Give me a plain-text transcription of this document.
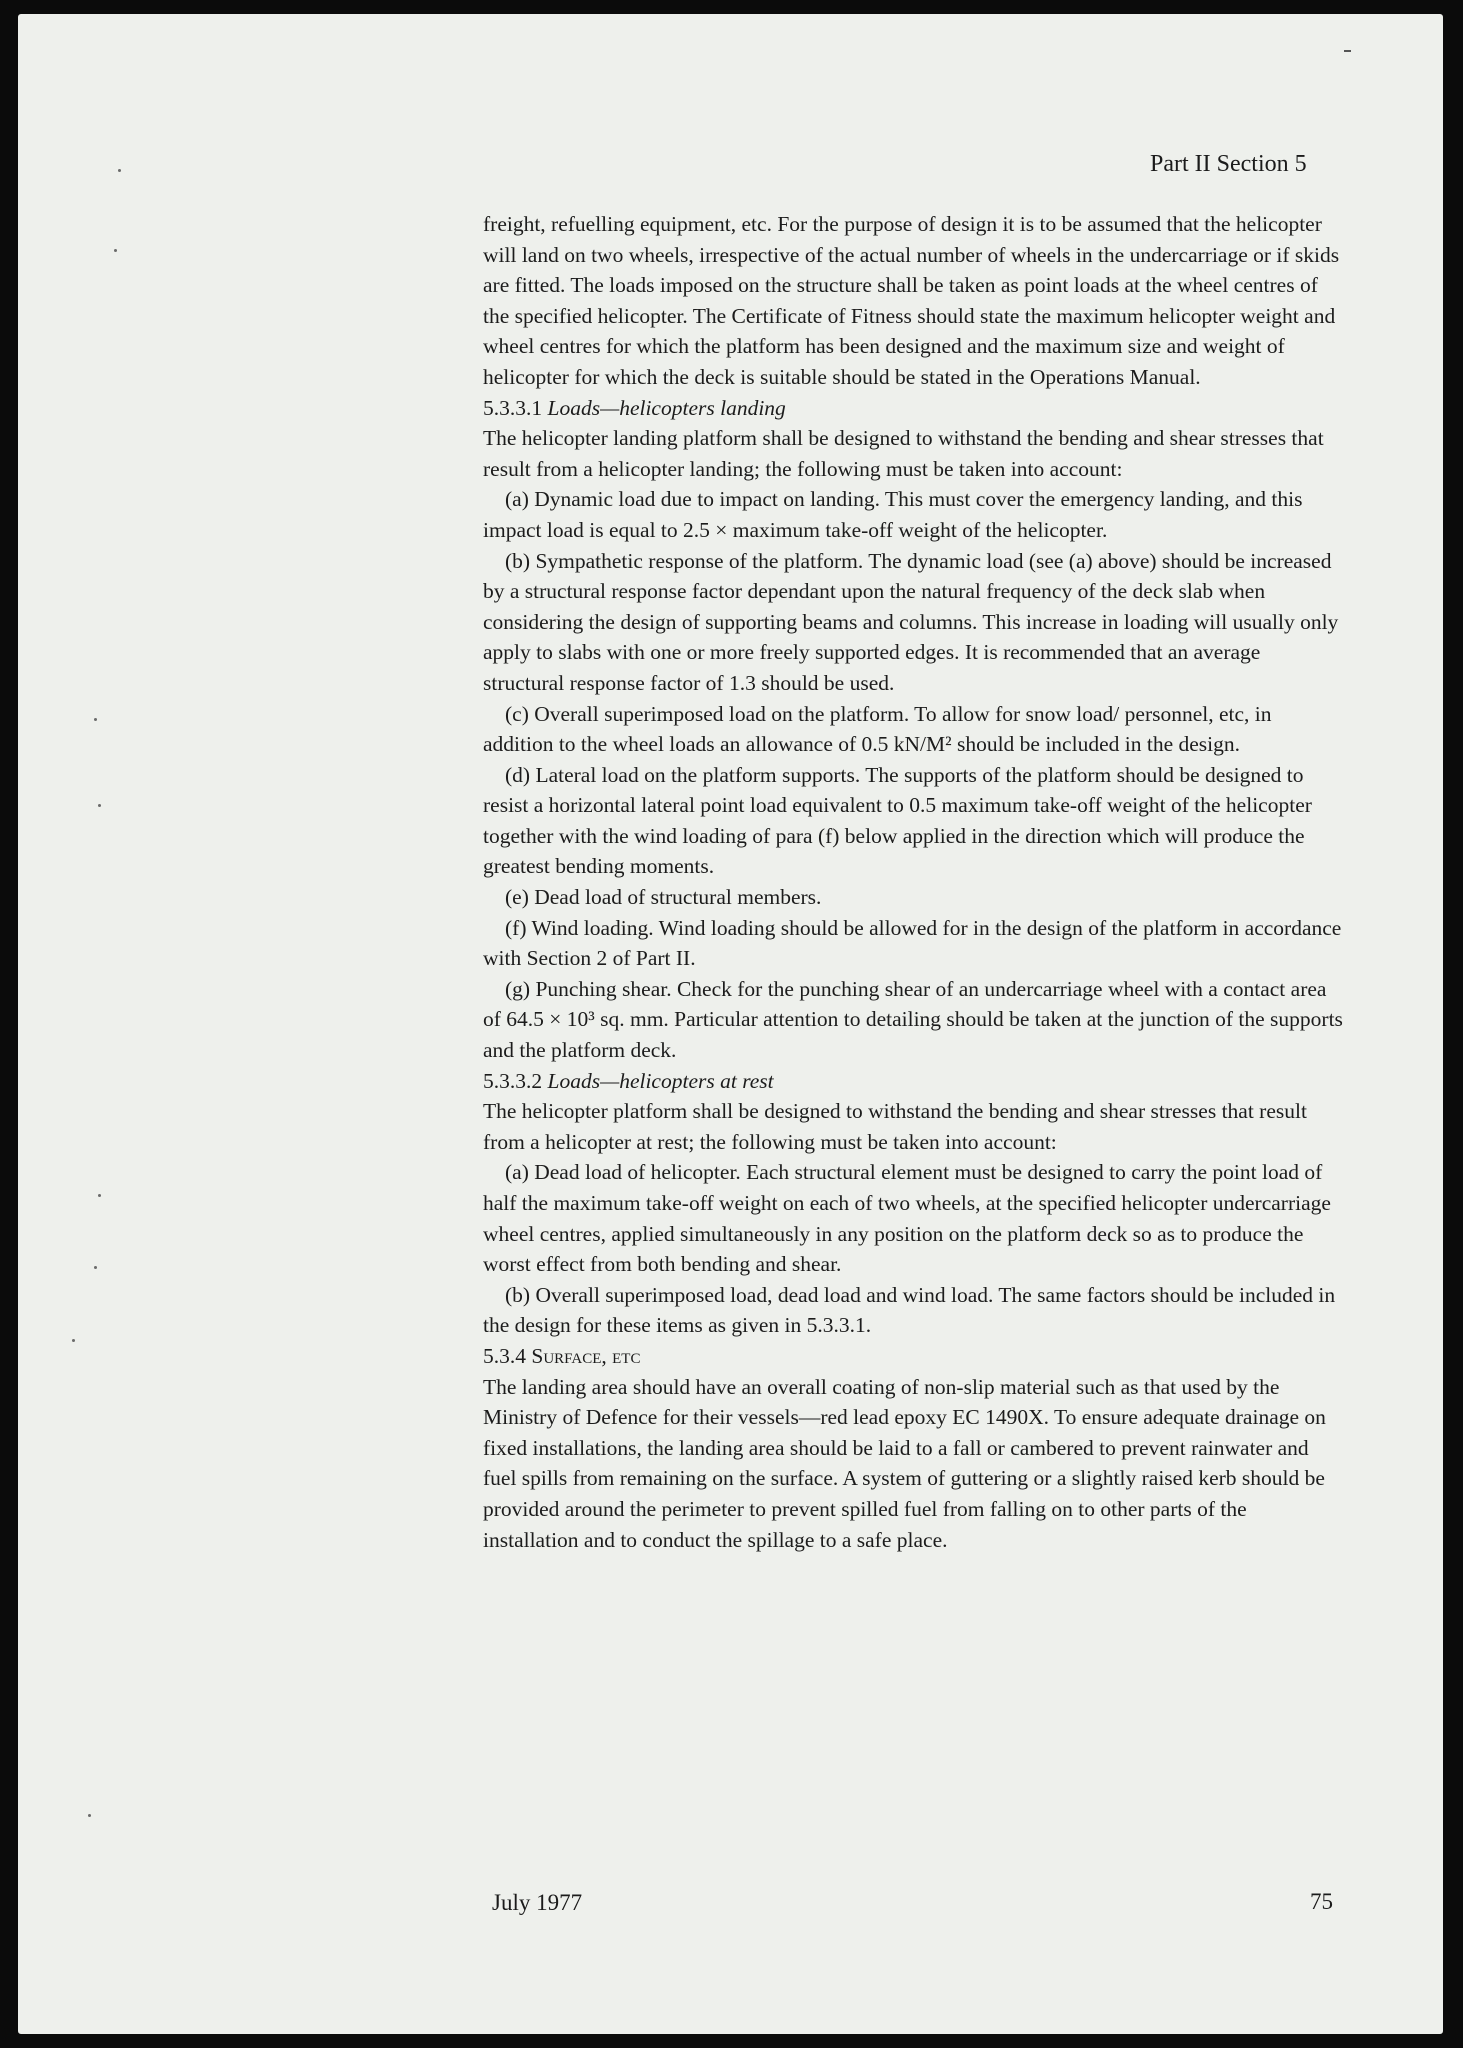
Part II Section 5

freight, refuelling equipment, etc. For the purpose of design it is to be assumed that the helicopter will land on two wheels, irrespective of the actual number of wheels in the undercarriage or if skids are fitted. The loads imposed on the structure shall be taken as point loads at the wheel centres of the specified helicopter. The Certificate of Fitness should state the maximum helicopter weight and wheel centres for which the platform has been designed and the maximum size and weight of helicopter for which the deck is suitable should be stated in the Operations Manual.

5.3.3.1 Loads—helicopters landing

The helicopter landing platform shall be designed to withstand the bending and shear stresses that result from a helicopter landing; the following must be taken into account:

(a) Dynamic load due to impact on landing. This must cover the emergency landing, and this impact load is equal to 2.5 × maximum take-off weight of the helicopter.

(b) Sympathetic response of the platform. The dynamic load (see (a) above) should be increased by a structural response factor dependant upon the natural frequency of the deck slab when considering the design of supporting beams and columns. This increase in loading will usually only apply to slabs with one or more freely supported edges. It is recommended that an average structural response factor of 1.3 should be used.

(c) Overall superimposed load on the platform. To allow for snow load/ personnel, etc, in addition to the wheel loads an allowance of 0.5 kN/M² should be included in the design.

(d) Lateral load on the platform supports. The supports of the platform should be designed to resist a horizontal lateral point load equivalent to 0.5 maximum take-off weight of the helicopter together with the wind loading of para (f) below applied in the direction which will produce the greatest bending moments.

(e) Dead load of structural members.

(f) Wind loading. Wind loading should be allowed for in the design of the platform in accordance with Section 2 of Part II.

(g) Punching shear. Check for the punching shear of an undercarriage wheel with a contact area of 64.5 × 10³ sq. mm. Particular attention to detailing should be taken at the junction of the supports and the platform deck.

5.3.3.2 Loads—helicopters at rest

The helicopter platform shall be designed to withstand the bending and shear stresses that result from a helicopter at rest; the following must be taken into account:

(a) Dead load of helicopter. Each structural element must be designed to carry the point load of half the maximum take-off weight on each of two wheels, at the specified helicopter undercarriage wheel centres, applied simultaneously in any position on the platform deck so as to produce the worst effect from both bending and shear.

(b) Overall superimposed load, dead load and wind load. The same factors should be included in the design for these items as given in 5.3.3.1.

5.3.4 Surface, etc

The landing area should have an overall coating of non-slip material such as that used by the Ministry of Defence for their vessels—red lead epoxy EC 1490X. To ensure adequate drainage on fixed installations, the landing area should be laid to a fall or cambered to prevent rainwater and fuel spills from remaining on the surface. A system of guttering or a slightly raised kerb should be provided around the perimeter to prevent spilled fuel from falling on to other parts of the installation and to conduct the spillage to a safe place.

July 1977	75
